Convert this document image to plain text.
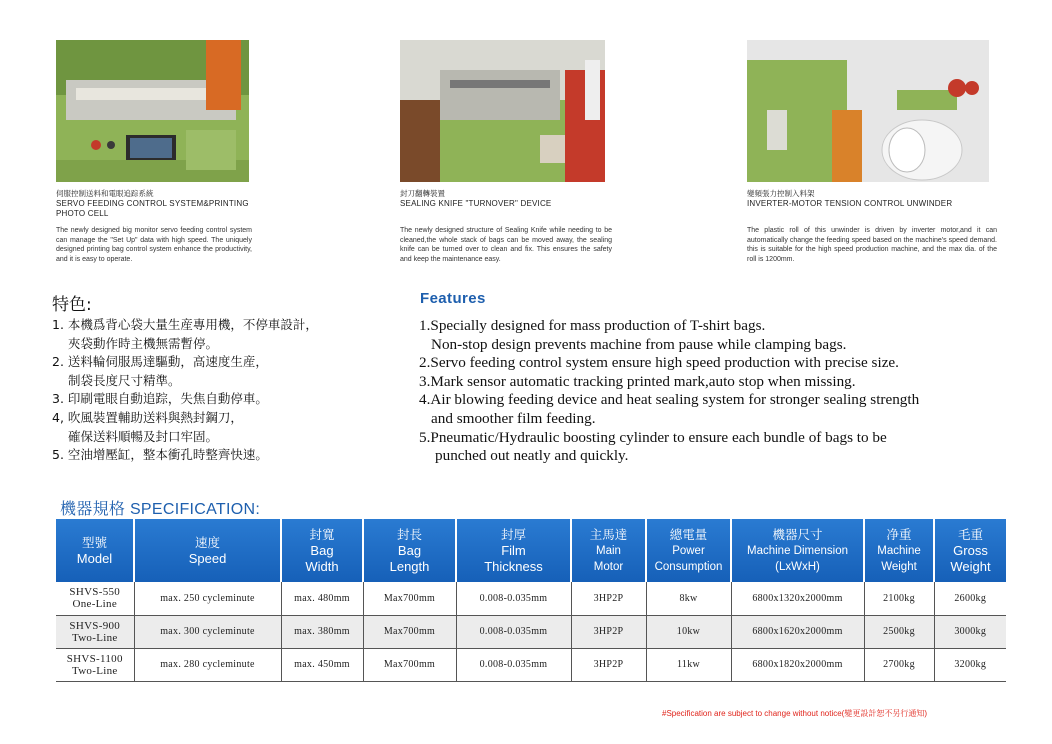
伺服控制送料和電眼追踪系統
SERVO FEEDING CONTROL SYSTEM&PRINTING
PHOTO CELL
The newly designed big monitor servo feeding control system can manage the "Set Up" data with high speed. The uniquely designed printing bag control system enhance the productivity, and it is easy to operate.
封刀翻轉裝置
SEALING KNIFE "TURNOVER" DEVICE
The newly designed structure of Sealing Knife while needing to be cleaned,the whole stack of bags can be moved away, the sealing knife can be turned over to clean and fix. This ensures the safety and keep the maintenance easy.
變頻張力控制入料架
INVERTER-MOTOR TENSION CONTROL UNWINDER
The plastic roll of this unwinder is driven by inverter motor,and it can automatically change the feeding speed based on the machine's speed demand. this is suitable for the high speed production machine, and the max dia. of the roll is 1200mm.
特色:
1. 本機爲背心袋大量生産專用機，不停車設計，
夾袋動作時主機無需暫停。
2. 送料輪伺服馬達驅動，高速度生産，
制袋長度尺寸精準。
3. 印刷電眼自動追踪，失焦自動停車。
4, 吹風裝置輔助送料與熱封鋼刀，
確保送料順暢及封口牢固。
5. 空油增壓缸，整本衝孔時整齊快速。
Features
1.Specially designed for mass production of T-shirt bags.
Non-stop design prevents machine from pause while clamping bags.
2.Servo feeding control system ensure high speed production with precise size.
3.Mark sensor automatic tracking printed mark,auto stop when missing.
4.Air blowing feeding device and heat sealing system for stronger sealing strength
and smoother film feeding.
5.Pneumatic/Hydraulic boosting cylinder to ensure each bundle of bags to be
punched out neatly and quickly.
機器規格 SPECIFICATION:
型號
Model	速度
Speed	封寬
Bag
Width	封長
Bag
Length	封厚
Film
Thickness	主馬達
Main
Motor	總電量
Power
Consumption	機器尺寸
Machine Dimension
(LxWxH)	净重
Machine
Weight	毛重
Gross
Weight
SHVS-550
One-Line	max. 250 cycleminute	max. 480mm	Max700mm	0.008-0.035mm	3HP2P	8kw	6800x1320x2000mm	2100kg	2600kg
SHVS-900
Two-Line	max. 300 cycleminute	max. 380mm	Max700mm	0.008-0.035mm	3HP2P	10kw	6800x1620x2000mm	2500kg	3000kg
SHVS-1100
Two-Line	max. 280 cycleminute	max. 450mm	Max700mm	0.008-0.035mm	3HP2P	11kw	6800x1820x2000mm	2700kg	3200kg
#Specification are subject to change without notice(變更設計恕不另行通知)
